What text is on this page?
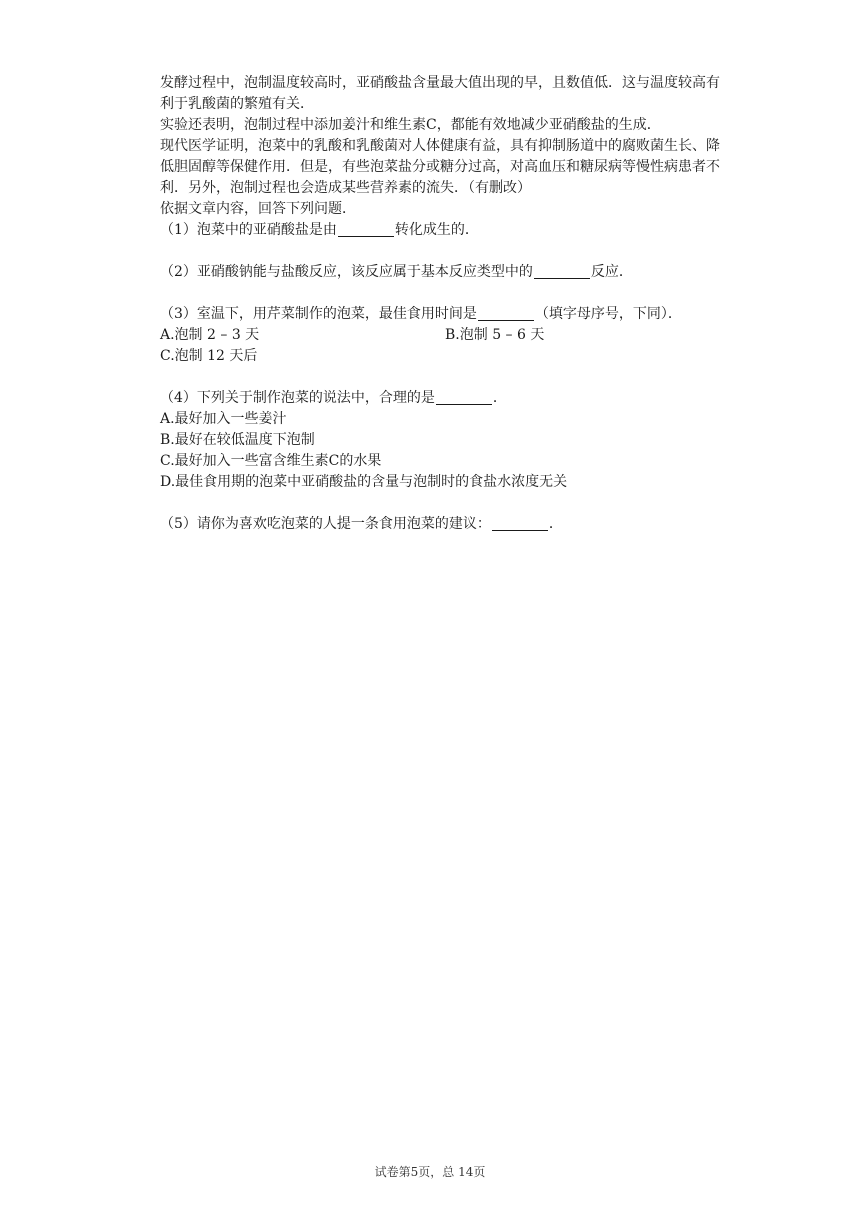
发酵过程中，泡制温度较高时，亚硝酸盐含量最大值出现的早，且数值低．这与温度较高有利于乳酸菌的繁殖有关．

实验还表明，泡制过程中添加姜汁和维生素C，都能有效地减少亚硝酸盐的生成．

现代医学证明，泡菜中的乳酸和乳酸菌对人体健康有益，具有抑制肠道中的腐败菌生长、降低胆固醇等保健作用．但是，有些泡菜盐分或糖分过高，对高血压和糖尿病等慢性病患者不利．另外，泡制过程也会造成某些营养素的流失．（有删改）

依据文章内容，回答下列问题．

（1）泡菜中的亚硝酸盐是由	转化成生的．

（2）亚硝酸钠能与盐酸反应，该反应属于基本反应类型中的	反应．

（3）室温下，用芹菜制作的泡菜，最佳食用时间是	（填字母序号，下同）．

A.泡制 2 – 3 天	B.泡制 5 – 6 天

C.泡制 12 天后

（4）下列关于制作泡菜的说法中，合理的是	．

A.最好加入一些姜汁

B.最好在较低温度下泡制

C.最好加入一些富含维生素C的水果

D.最佳食用期的泡菜中亚硝酸盐的含量与泡制时的食盐水浓度无关

（5）请你为喜欢吃泡菜的人提一条食用泡菜的建议：	．

试卷第5页，总 14页
